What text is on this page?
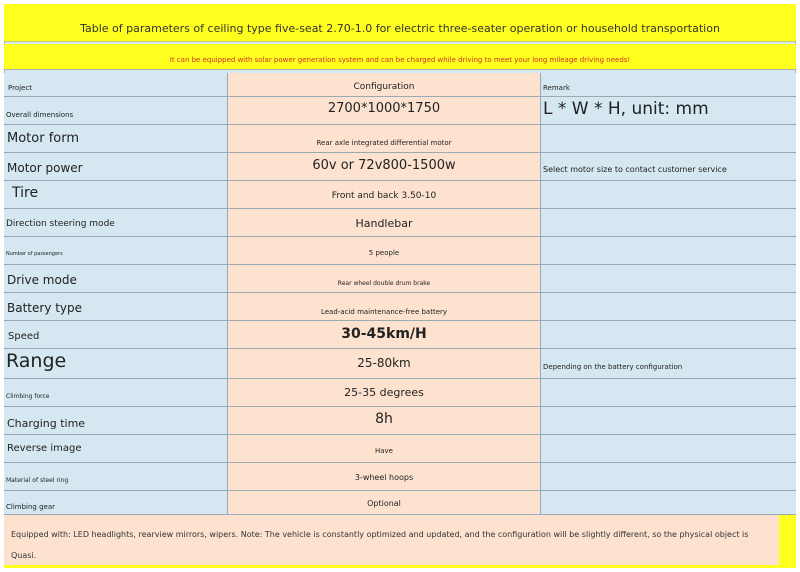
Table of parameters of ceiling type five-seat 2.70-1.0 for electric three-seater operation or household transportation
It can be equipped with solar power generation system and can be charged while driving to meet your long mileage driving needs!
Project	Configuration	Remark
Overall dimensions	2700*1000*1750	L * W * H, unit: mm
Motor form	Rear axle integrated differential motor
Motor power	60v or 72v800-1500w	Select motor size to contact customer service
Tire	Front and back 3.50-10
Direction steering mode	Handlebar
Number of passengers	5 people
Drive mode	Rear wheel double drum brake
Battery type	Lead-acid maintenance-free battery
Speed	30-45km/H
Range	25-80km	Depending on the battery configuration
Climbing force	25-35 degrees
Charging time	8h
Reverse image	Have
Material of steel ring	3-wheel hoops
Climbing gear	Optional
Equipped with: LED headlights, rearview mirrors, wipers. Note: The vehicle is constantly optimized and updated, and the configuration will be slightly different, so the physical object is
Quasi.
